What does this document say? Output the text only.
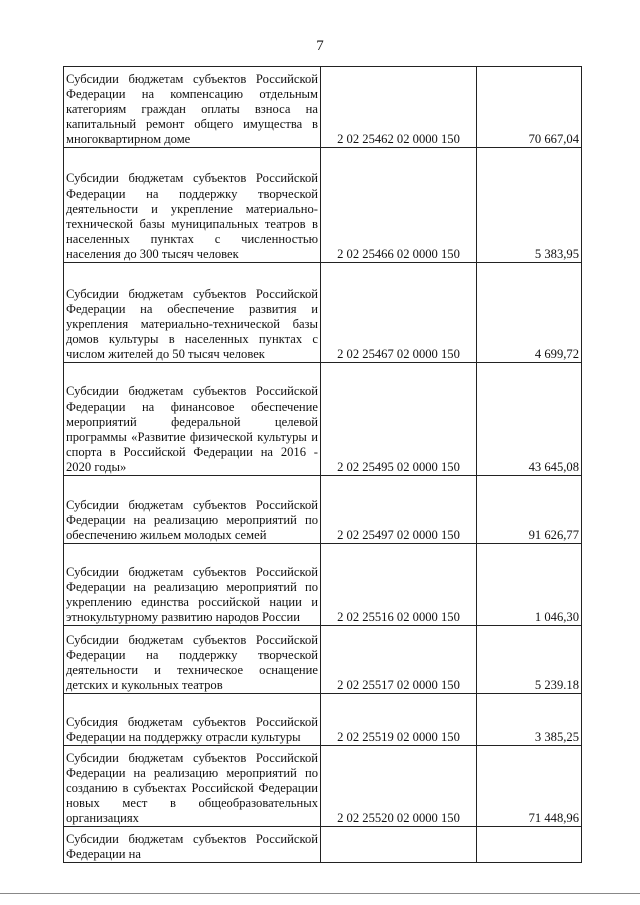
7
Субсидии бюджетам субъектов Российской Федерации на компенсацию отдельным категориям граждан оплаты взноса на капитальный ремонт общего имущества в многоквартирном доме	2 02 25462 02 0000 150	70 667,04
Субсидии бюджетам субъектов Российской Федерации на поддержку творческой деятельности и укрепление материально-технической базы муниципальных театров в населенных пунктах с численностью населения до 300 тысяч человек	2 02 25466 02 0000 150	5 383,95
Субсидии бюджетам субъектов Российской Федерации на обеспечение развития и укрепления материально-технической базы домов культуры в населенных пунктах с числом жителей до 50 тысяч человек	2 02 25467 02 0000 150	4 699,72
Субсидии бюджетам субъектов Российской Федерации на финансовое обеспечение мероприятий федеральной целевой программы «Развитие физической культуры и спорта в Российской Федерации на 2016 - 2020 годы»	2 02 25495 02 0000 150	43 645,08
Субсидии бюджетам субъектов Российской Федерации на реализацию мероприятий по обеспечению жильем молодых семей	2 02 25497 02 0000 150	91 626,77
Субсидии бюджетам субъектов Российской Федерации на реализацию мероприятий по укреплению единства российской нации и этнокультурному развитию народов России	2 02 25516 02 0000 150	1 046,30
Субсидии бюджетам субъектов Российской Федерации на поддержку творческой деятельности и техническое оснащение детских и кукольных театров	2 02 25517 02 0000 150	5 239.18
Субсидия бюджетам субъектов Российской Федерации на поддержку отрасли культуры	2 02 25519 02 0000 150	3 385,25
Субсидии бюджетам субъектов Российской Федерации на реализацию мероприятий по созданию в субъектах Российской Федерации новых мест в общеобразовательных организациях	2 02 25520 02 0000 150	71 448,96
Субсидии бюджетам субъектов Российской Федерации на		
